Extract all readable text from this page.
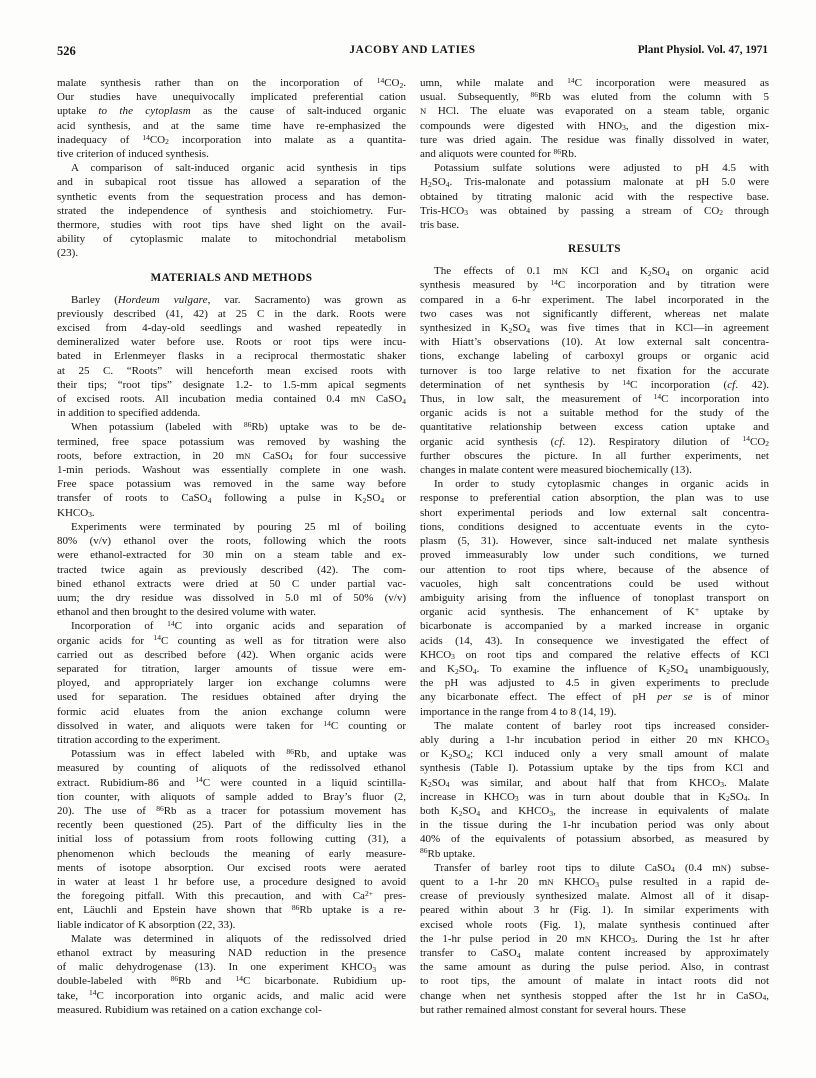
526	JACOBY AND LATIES	Plant Physiol. Vol. 47, 1971
malate synthesis rather than on the incorporation of $^{14}CO_2$.
Our studies have unequivocally implicated preferential cation
uptake to the cytoplasm as the cause of salt-induced organic
acid synthesis, and at the same time have re-emphasized the
inadequacy of $^{14}CO_2$ incorporation into malate as a quantita-
tive criterion of induced synthesis.
A comparison of salt-induced organic acid synthesis in tips
and in subapical root tissue has allowed a separation of the
synthetic events from the sequestration process and has demon-
strated the independence of synthesis and stoichiometry. Fur-
thermore, studies with root tips have shed light on the avail-
ability of cytoplasmic malate to mitochondrial metabolism
(23).
MATERIALS AND METHODS
Barley (Hordeum vulgare, var. Sacramento) was grown as
previously described (41, 42) at 25 C in the dark. Roots were
excised from 4-day-old seedlings and washed repeatedly in
demineralized water before use. Roots or root tips were incu-
bated in Erlenmeyer flasks in a reciprocal thermostatic shaker
at 25 C. “Roots” will henceforth mean excised roots with
their tips; “root tips” designate 1.2- to 1.5-mm apical segments
of excised roots. All incubation media contained 0.4 mN CaSO$_4$
in addition to specified addenda.
When potassium (labeled with $^{86}$Rb) uptake was to be de-
termined, free space potassium was removed by washing the
roots, before extraction, in 20 mN CaSO$_4$ for four successive
1-min periods. Washout was essentially complete in one wash.
Free space potassium was removed in the same way before
transfer of roots to CaSO$_4$ following a pulse in $K_2SO_4$ or
$KHCO_3$.
Experiments were terminated by pouring 25 ml of boiling
80% (v/v) ethanol over the roots, following which the roots
were ethanol-extracted for 30 min on a steam table and ex-
tracted twice again as previously described (42). The com-
bined ethanol extracts were dried at 50 C under partial vac-
uum; the dry residue was dissolved in 5.0 ml of 50% (v/v)
ethanol and then brought to the desired volume with water.
Incorporation of $^{14}$C into organic acids and separation of
organic acids for $^{14}$C counting as well as for titration were also
carried out as described before (42). When organic acids were
separated for titration, larger amounts of tissue were em-
ployed, and appropriately larger ion exchange columns were
used for separation. The residues obtained after drying the
formic acid eluates from the anion exchange column were
dissolved in water, and aliquots were taken for $^{14}$C counting or
titration according to the experiment.
Potassium was in effect labeled with $^{86}$Rb, and uptake was
measured by counting of aliquots of the redissolved ethanol
extract. Rubidium-86 and $^{14}$C were counted in a liquid scintilla-
tion counter, with aliquots of sample added to Bray’s fluor (2,
20). The use of $^{86}$Rb as a tracer for potassium movement has
recently been questioned (25). Part of the difficulty lies in the
initial loss of potassium from roots following cutting (31), a
phenomenon which beclouds the meaning of early measure-
ments of isotope absorption. Our excised roots were aerated
in water at least 1 hr before use, a procedure designed to avoid
the foregoing pitfall. With this precaution, and with $Ca^{2+}$ pres-
ent, Läuchli and Epstein have shown that $^{86}$Rb uptake is a re-
liable indicator of K absorption (22, 33).
Malate was determined in aliquots of the redissolved dried
ethanol extract by measuring NAD reduction in the presence
of malic dehydrogenase (13). In one experiment $KHCO_3$ was
double-labeled with $^{86}$Rb and $^{14}$C bicarbonate. Rubidium up-
take, $^{14}$C incorporation into organic acids, and malic acid were
measured. Rubidium was retained on a cation exchange col-
umn, while malate and $^{14}$C incorporation were measured as
usual. Subsequently, $^{86}$Rb was eluted from the column with 5
N HCl. The eluate was evaporated on a steam table, organic
compounds were digested with $HNO_3$, and the digestion mix-
ture was dried again. The residue was finally dissolved in water,
and aliquots were counted for $^{86}$Rb.
Potassium sulfate solutions were adjusted to pH 4.5 with
$H_2SO_4$. Tris-malonate and potassium malonate at pH 5.0 were
obtained by titrating malonic acid with the respective base.
Tris-$HCO_3$ was obtained by passing a stream of $CO_2$ through
tris base.
RESULTS
The effects of 0.1 mN KCl and $K_2SO_4$ on organic acid
synthesis measured by $^{14}$C incorporation and by titration were
compared in a 6-hr experiment. The label incorporated in the
two cases was not significantly different, whereas net malate
synthesized in $K_2SO_4$ was five times that in KCl—in agreement
with Hiatt’s observations (10). At low external salt concentra-
tions, exchange labeling of carboxyl groups or organic acid
turnover is too large relative to net fixation for the accurate
determination of net synthesis by $^{14}$C incorporation (cf. 42).
Thus, in low salt, the measurement of $^{14}$C incorporation into
organic acids is not a suitable method for the study of the
quantitative relationship between excess cation uptake and
organic acid synthesis (cf. 12). Respiratory dilution of $^{14}CO_2$
further obscures the picture. In all further experiments, net
changes in malate content were measured biochemically (13).
In order to study cytoplasmic changes in organic acids in
response to preferential cation absorption, the plan was to use
short experimental periods and low external salt concentra-
tions, conditions designed to accentuate events in the cyto-
plasm (5, 31). However, since salt-induced net malate synthesis
proved immeasurably low under such conditions, we turned
our attention to root tips where, because of the absence of
vacuoles, high salt concentrations could be used without
ambiguity arising from the influence of tonoplast transport on
organic acid synthesis. The enhancement of K+ uptake by
bicarbonate is accompanied by a marked increase in organic
acids (14, 43). In consequence we investigated the effect of
$KHCO_3$ on root tips and compared the relative effects of KCl
and $K_2SO_4$. To examine the influence of $K_2SO_4$ unambiguously,
the pH was adjusted to 4.5 in given experiments to preclude
any bicarbonate effect. The effect of pH per se is of minor
importance in the range from 4 to 8 (14, 19).
The malate content of barley root tips increased consider-
ably during a 1-hr incubation period in either 20 mN $KHCO_3$
or $K_2SO_4$; KCl induced only a very small amount of malate
synthesis (Table I). Potassium uptake by the tips from KCl and
$K_2SO_4$ was similar, and about half that from $KHCO_3$. Malate
increase in $KHCO_3$ was in turn about double that in $K_2SO_4$. In
both $K_2SO_4$ and $KHCO_3$, the increase in equivalents of malate
in the tissue during the 1-hr incubation period was only about
40% of the equivalents of potassium absorbed, as measured by
$^{86}$Rb uptake.
Transfer of barley root tips to dilute CaSO$_4$ (0.4 mN) subse-
quent to a 1-hr 20 mN $KHCO_3$ pulse resulted in a rapid de-
crease of previously synthesized malate. Almost all of it disap-
peared within about 3 hr (Fig. 1). In similar experiments with
excised whole roots (Fig. 1), malate synthesis continued after
the 1-hr pulse period in 20 mN $KHCO_3$. During the 1st hr after
transfer to CaSO$_4$ malate content increased by approximately
the same amount as during the pulse period. Also, in contrast
to root tips, the amount of malate in intact roots did not
change when net synthesis stopped after the 1st hr in CaSO$_4$,
but rather remained almost constant for several hours. These
